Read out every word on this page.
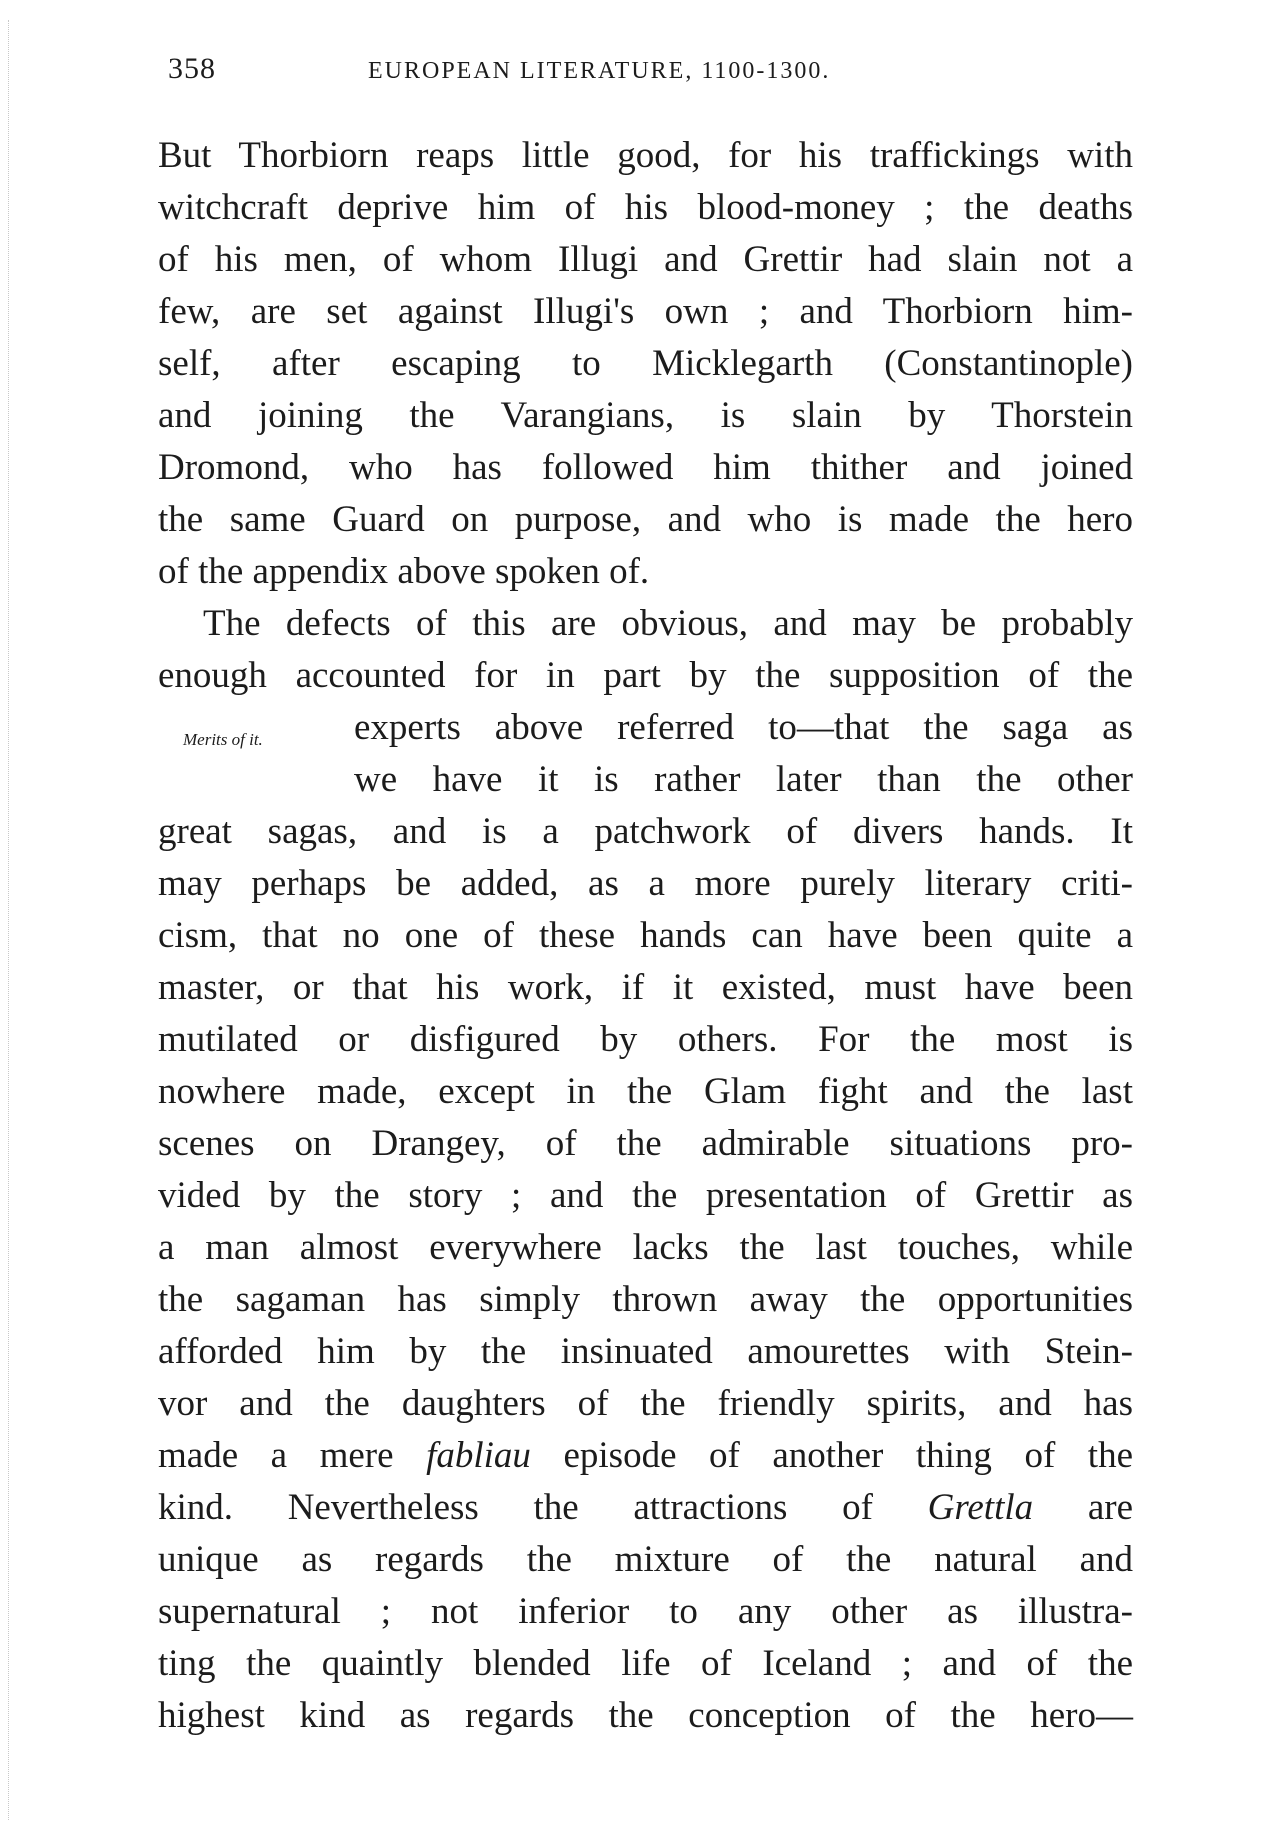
358	EUROPEAN LITERATURE, 1100-1300.
Merits of it.
But Thorbiorn reaps little good, for his traffickings with
witchcraft deprive him of his blood-money ; the deaths
of his men, of whom Illugi and Grettir had slain not a
few, are set against Illugi's own ; and Thorbiorn him-
self, after escaping to Micklegarth (Constantinople)
and joining the Varangians, is slain by Thorstein
Dromond, who has followed him thither and joined
the same Guard on purpose, and who is made the hero
of the appendix above spoken of.
The defects of this are obvious, and may be probably
enough accounted for in part by the supposition of the
experts above referred to—that the saga as
we have it is rather later than the other
great sagas, and is a patchwork of divers hands. It
may perhaps be added, as a more purely literary criti-
cism, that no one of these hands can have been quite a
master, or that his work, if it existed, must have been
mutilated or disfigured by others. For the most is
nowhere made, except in the Glam fight and the last
scenes on Drangey, of the admirable situations pro-
vided by the story ; and the presentation of Grettir as
a man almost everywhere lacks the last touches, while
the sagaman has simply thrown away the opportunities
afforded him by the insinuated amourettes with Stein-
vor and the daughters of the friendly spirits, and has
made a mere fabliau episode of another thing of the
kind. Nevertheless the attractions of Grettla are
unique as regards the mixture of the natural and
supernatural ; not inferior to any other as illustra-
ting the quaintly blended life of Iceland ; and of the
highest kind as regards the conception of the hero—
